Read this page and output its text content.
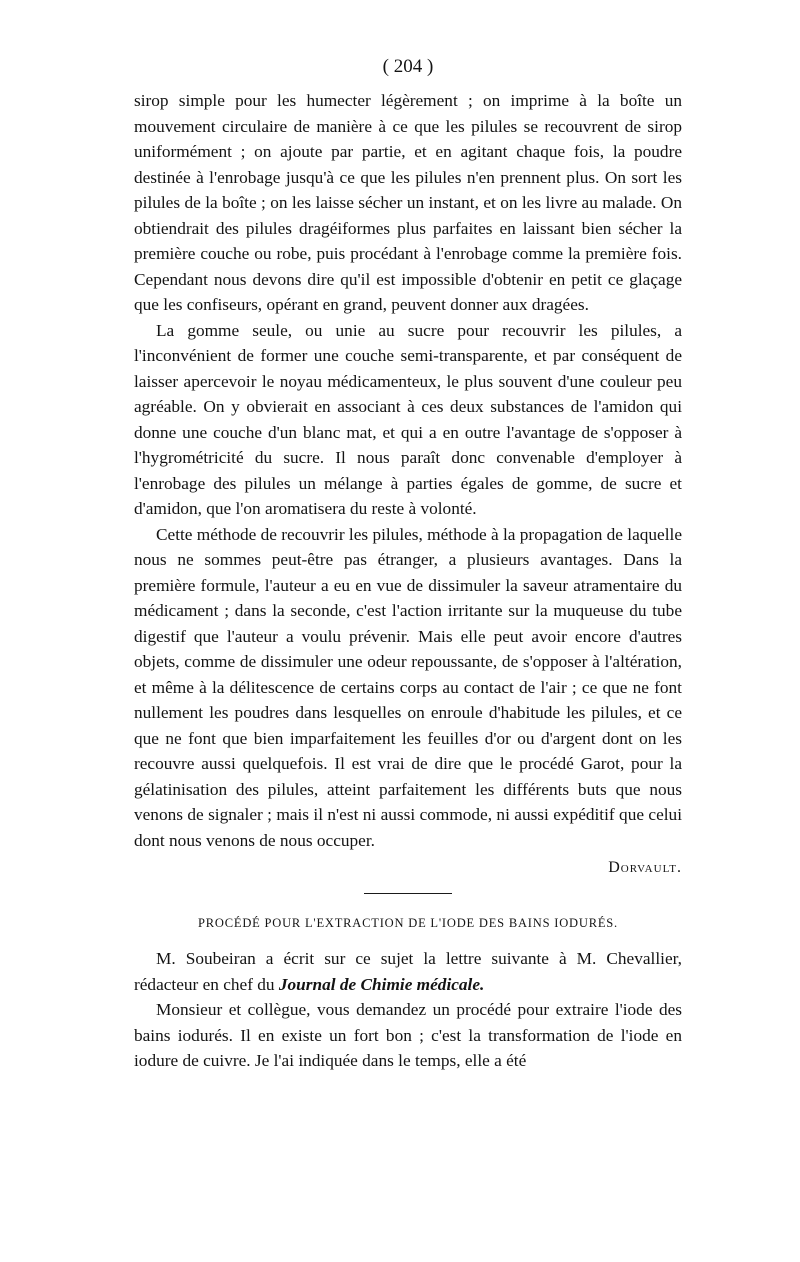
( 204 )

sirop simple pour les humecter légèrement ; on imprime à la boîte un mouvement circulaire de manière à ce que les pilules se recouvrent de sirop uniformément ; on ajoute par partie, et en agitant chaque fois, la poudre destinée à l'enrobage jusqu'à ce que les pilules n'en prennent plus. On sort les pilules de la boîte ; on les laisse sécher un instant, et on les livre au malade. On obtiendrait des pilules dragéiformes plus parfaites en laissant bien sécher la première couche ou robe, puis procédant à l'enrobage comme la première fois. Cependant nous devons dire qu'il est impossible d'obtenir en petit ce glaçage que les confiseurs, opérant en grand, peuvent donner aux dragées.

La gomme seule, ou unie au sucre pour recouvrir les pilules, a l'inconvénient de former une couche semi-transparente, et par conséquent de laisser apercevoir le noyau médicamenteux, le plus souvent d'une couleur peu agréable. On y obvierait en associant à ces deux substances de l'amidon qui donne une couche d'un blanc mat, et qui a en outre l'avantage de s'opposer à l'hygrométricité du sucre. Il nous paraît donc convenable d'employer à l'enrobage des pilules un mélange à parties égales de gomme, de sucre et d'amidon, que l'on aromatisera du reste à volonté.

Cette méthode de recouvrir les pilules, méthode à la propagation de laquelle nous ne sommes peut-être pas étranger, a plusieurs avantages. Dans la première formule, l'auteur a eu en vue de dissimuler la saveur atramentaire du médicament ; dans la seconde, c'est l'action irritante sur la muqueuse du tube digestif que l'auteur a voulu prévenir. Mais elle peut avoir encore d'autres objets, comme de dissimuler une odeur repoussante, de s'opposer à l'altération, et même à la délitescence de certains corps au contact de l'air ; ce que ne font nullement les poudres dans lesquelles on enroule d'habitude les pilules, et ce que ne font que bien imparfaitement les feuilles d'or ou d'argent dont on les recouvre aussi quelquefois. Il est vrai de dire que le procédé Garot, pour la gélatinisation des pilules, atteint parfaitement les différents buts que nous venons de signaler ; mais il n'est ni aussi commode, ni aussi expéditif que celui dont nous venons de nous occuper.

Dorvault.
PROCÉDÉ POUR L'EXTRACTION DE L'IODE DES BAINS IODURÉS.

M. Soubeiran a écrit sur ce sujet la lettre suivante à M. Chevallier, rédacteur en chef du Journal de Chimie médicale.

Monsieur et collègue, vous demandez un procédé pour extraire l'iode des bains iodurés. Il en existe un fort bon ; c'est la transformation de l'iode en iodure de cuivre. Je l'ai indiquée dans le temps, elle a été
